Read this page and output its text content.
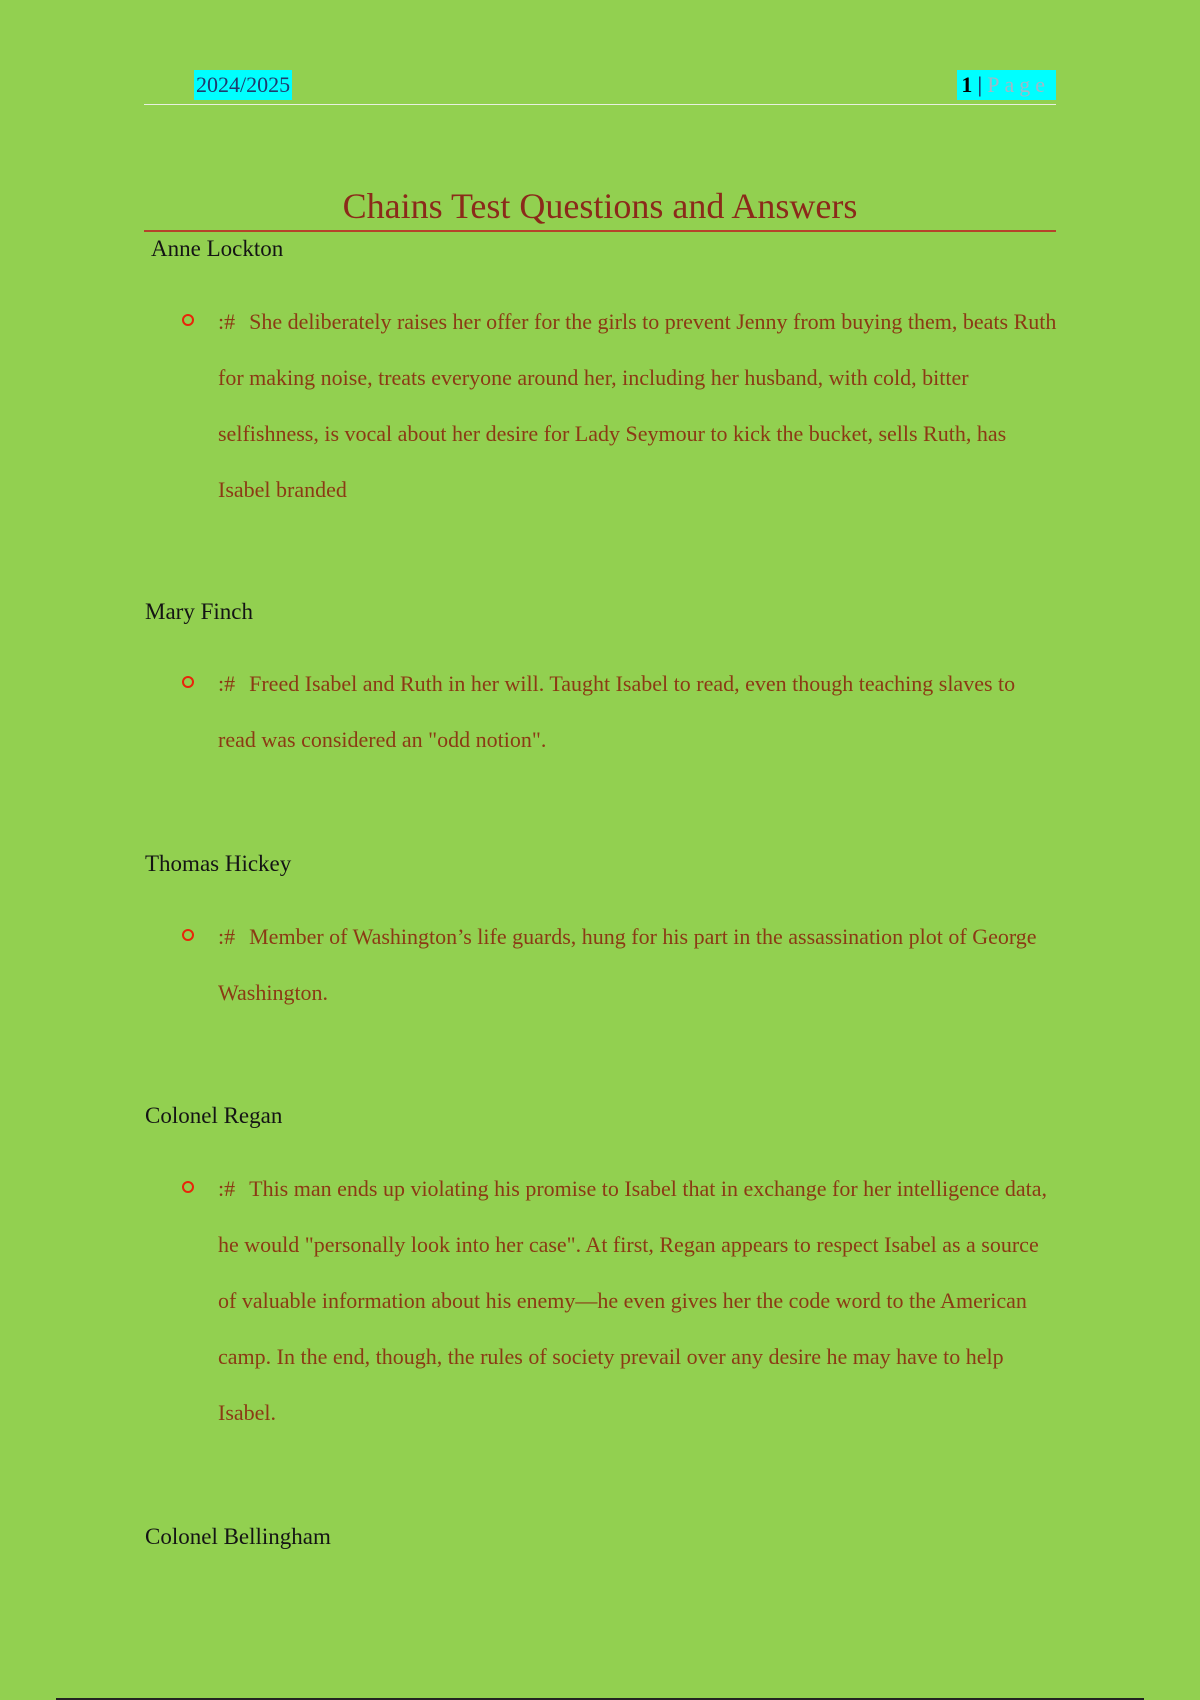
2024/2025	1 | Page
Chains Test Questions and Answers
Anne Lockton
:# She deliberately raises her offer for the girls to prevent Jenny from buying them, beats Ruth for making noise, treats everyone around her, including her husband, with cold, bitter selfishness, is vocal about her desire for Lady Seymour to kick the bucket, sells Ruth, has Isabel branded
Mary Finch
:# Freed Isabel and Ruth in her will. Taught Isabel to read, even though teaching slaves to read was considered an "odd notion".
Thomas Hickey
:# Member of Washington’s life guards, hung for his part in the assassination plot of George Washington.
Colonel Regan
:# This man ends up violating his promise to Isabel that in exchange for her intelligence data, he would "personally look into her case". At first, Regan appears to respect Isabel as a source of valuable information about his enemy—he even gives her the code word to the American camp. In the end, though, the rules of society prevail over any desire he may have to help Isabel.
Colonel Bellingham
